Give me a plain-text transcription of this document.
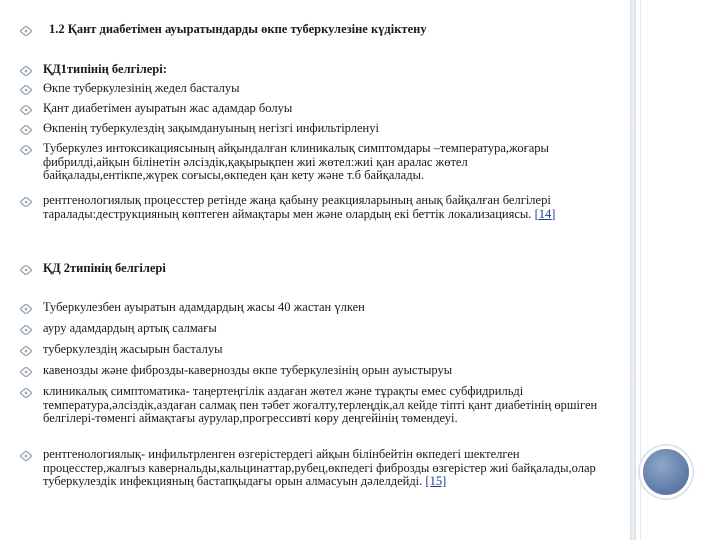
1.2 Қант диабетімен ауыратындарды өкпе туберкулезіне күдіктену
ҚД1типінің белгілері:
Өкпе туберкулезінің жедел басталуы
Қант диабетімен ауыратын жас адамдар болуы
Өкпенің туберкулездің зақымдануының негізгі инфильтірленуі
Туберкулез интоксикациясының айқындалған клиникалық симптомдары –температура,жоғары фибрилді,айқын білінетін әлсіздік,қақырықпен жиі жөтел:жиі қан аралас жөтел байқалады,ентікпе,жүрек соғысы,өкпеден қан кету және т.б байқалады.
рентгенологиялық процесстер ретінде жаңа қабыну реакцияларының анық байқалған белгілері таралады:деструкцияның көптеген аймақтары мен және олардың екі беттік локализациясы. [14]
ҚД 2типінің белгілері
Туберкулезбен ауыратын адамдардың жасы 40 жастан үлкен
ауру адамдардың артық салмағы
туберкулездің жасырын басталуы
кавенозды және фиброзды-кавернозды өкпе туберкулезінің орын ауыстыруы
клиникалық симптоматика- таңертеңгілік аздаған жөтел және тұрақты емес субфидрильді температура,әлсіздік,аздаған салмақ пен тәбет жоғалту,терлеңдік,ал кейде тіпті қант диабетінің өршіген белгілері-төменгі аймақтағы аурулар,прогрессивті көру деңгейінің төмендеуі.
рентгенологиялық- инфильтрленген өзгерістердегі айқын білінбейтін өкпедегі шектелген процесстер,жалғыз кавернальды,кальцинаттар,рубец,өкпедегі фиброзды өзгерістер жиі байқалады,олар туберкулездік инфекцияның бастапқыдағы орын алмасуын дәлелдейді. [15]
